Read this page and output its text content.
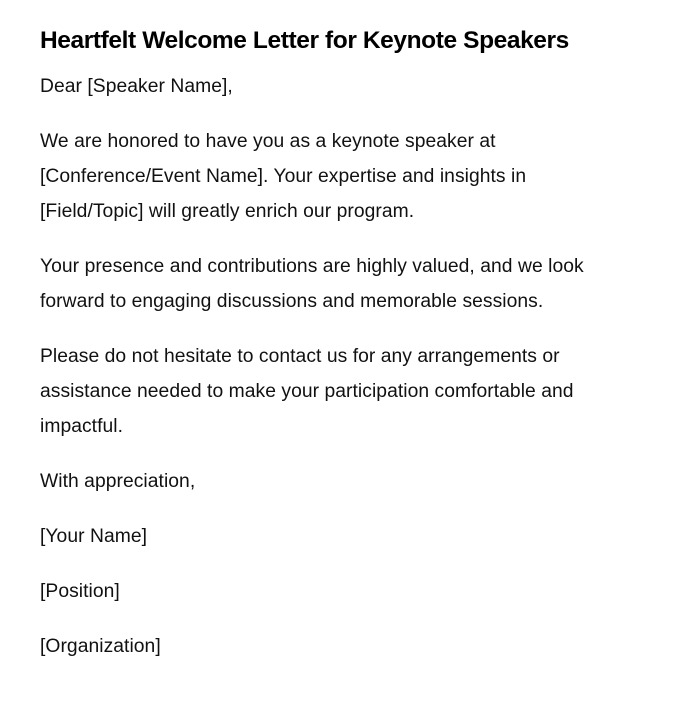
Heartfelt Welcome Letter for Keynote Speakers

Dear [Speaker Name],

We are honored to have you as a keynote speaker at [Conference/Event Name]. Your expertise and insights in [Field/Topic] will greatly enrich our program.

Your presence and contributions are highly valued, and we look forward to engaging discussions and memorable sessions.

Please do not hesitate to contact us for any arrangements or assistance needed to make your participation comfortable and impactful.

With appreciation,

[Your Name]

[Position]

[Organization]
